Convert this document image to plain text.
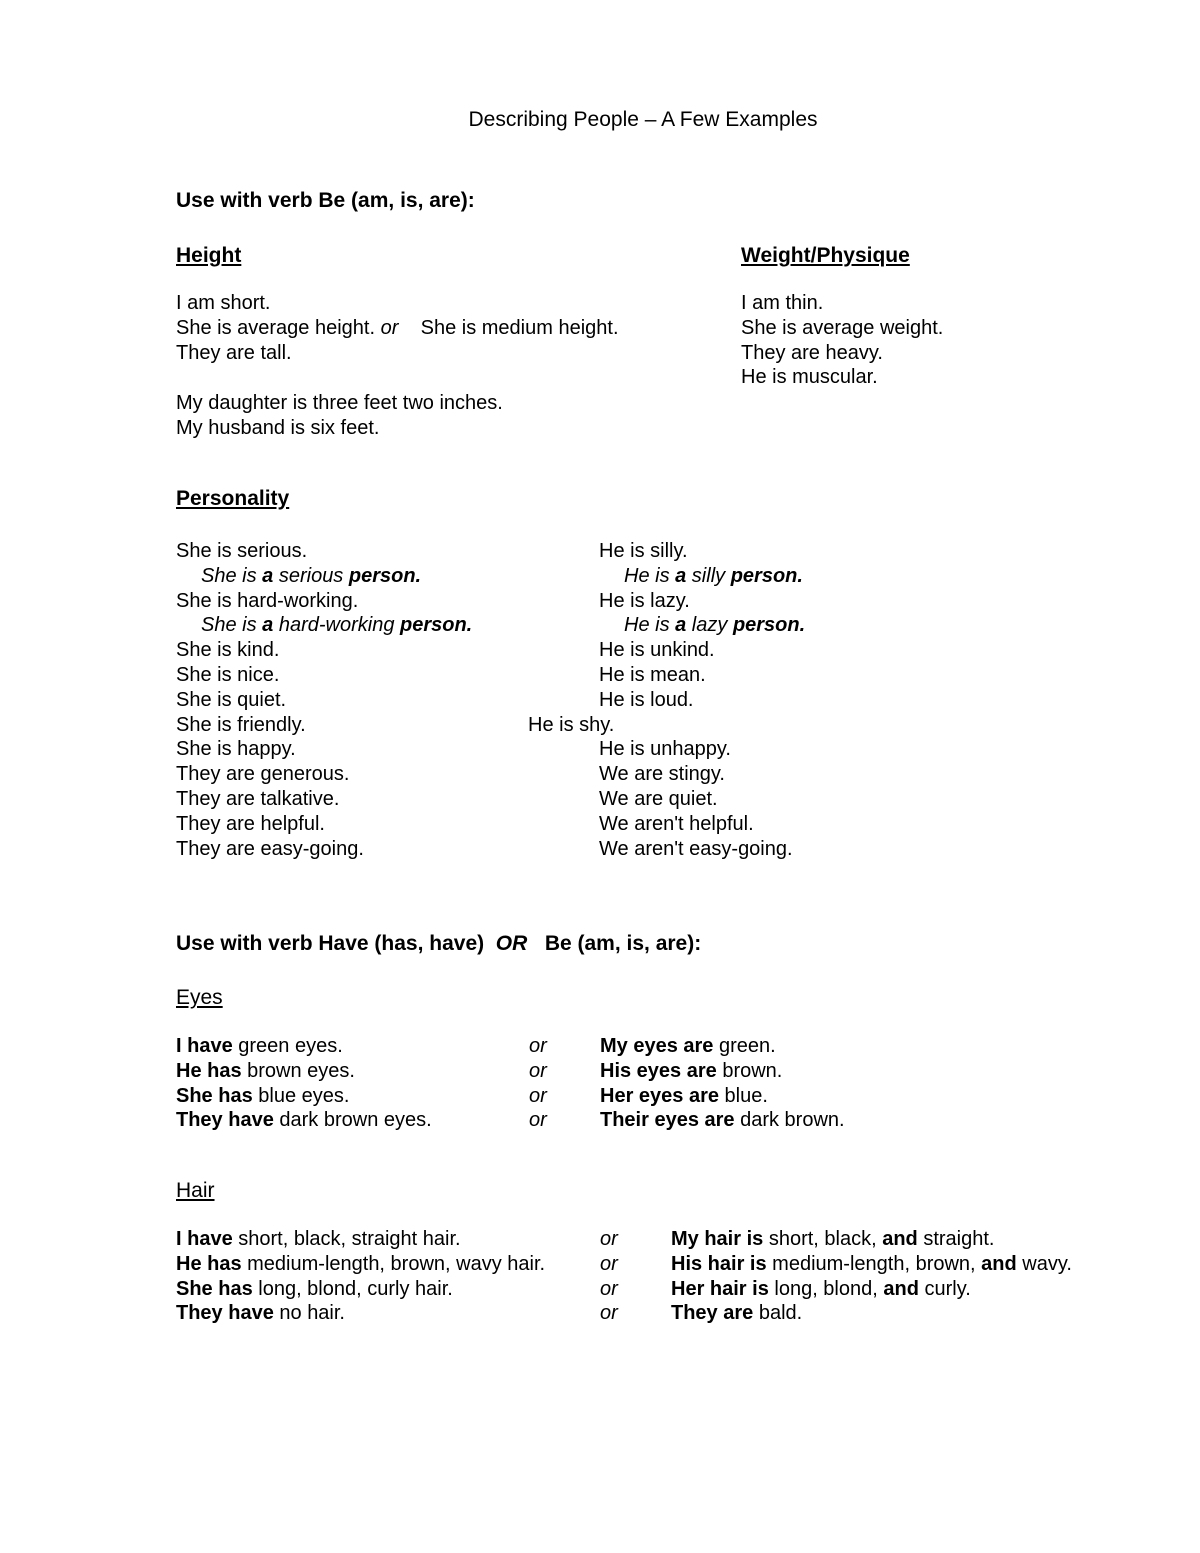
Describing People – A Few Examples
Use with verb Be (am, is, are):
Height
I am short.
She is average height. or She is medium height.
They are tall.
My daughter is three feet two inches.
My husband is six feet.
Weight/Physique
I am thin.
She is average weight.
They are heavy.
He is muscular.
Personality
She is serious.
She is a serious person.
She is hard-working.
She is a hard-working person.
She is kind.
She is nice.
She is quiet.
She is friendly.
She is happy.
They are generous.
They are talkative.
They are helpful.
They are easy-going.
He is silly.
He is a silly person.
He is lazy.
He is a lazy person.
He is unkind.
He is mean.
He is loud.
He is shy.
He is unhappy.
We are stingy.
We are quiet.
We aren't helpful.
We aren't easy-going.
Use with verb Have (has, have) OR Be (am, is, are):
Eyes
I have green eyes.
He has brown eyes.
She has blue eyes.
They have dark brown eyes.
or
or
or
or
My eyes are green.
His eyes are brown.
Her eyes are blue.
Their eyes are dark brown.
Hair
I have short, black, straight hair.
He has medium-length, brown, wavy hair.
She has long, blond, curly hair.
They have no hair.
or
or
or
or
My hair is short, black, and straight.
His hair is medium-length, brown, and wavy.
Her hair is long, blond, and curly.
They are bald.
